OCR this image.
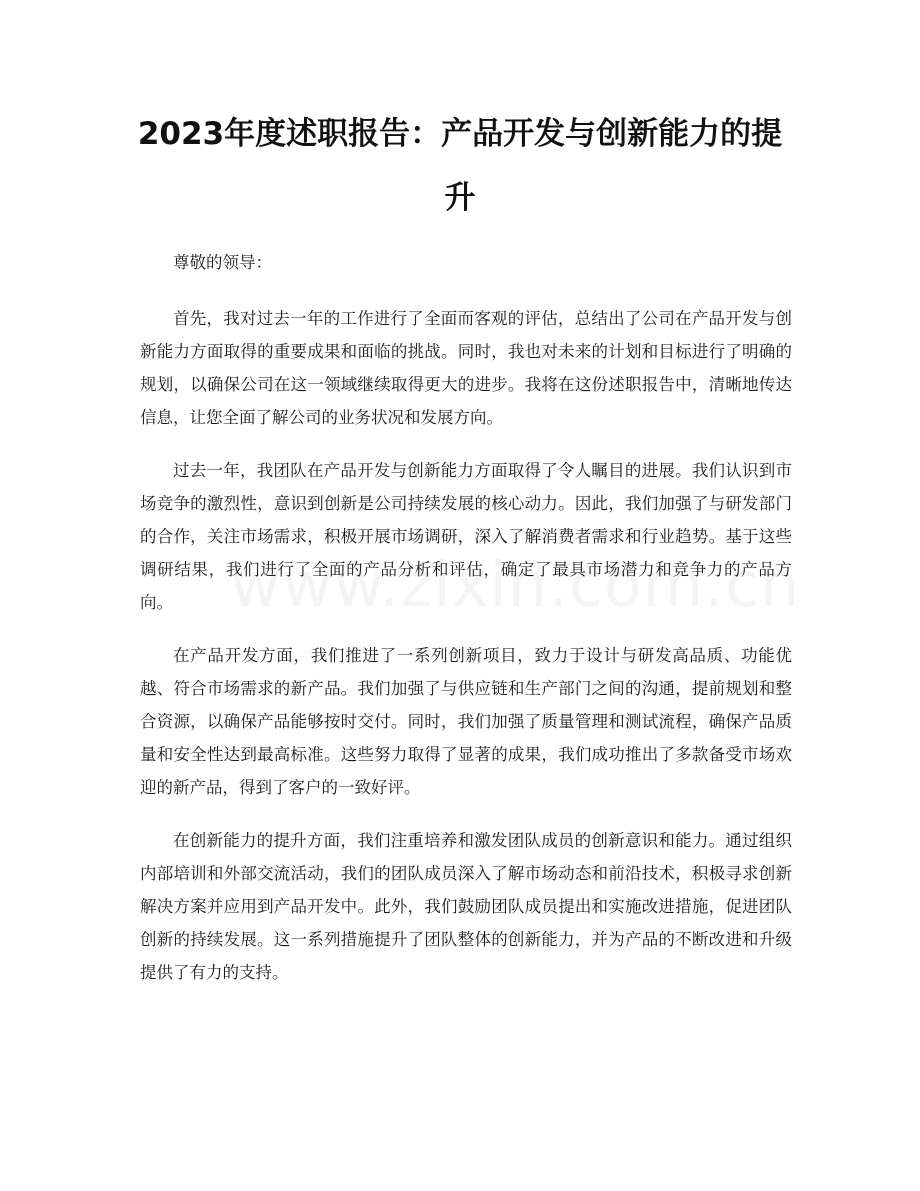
2023年度述职报告：产品开发与创新能力的提升

尊敬的领导：

首先，我对过去一年的工作进行了全面而客观的评估，总结出了公司在产品开发与创新能力方面取得的重要成果和面临的挑战。同时，我也对未来的计划和目标进行了明确的规划，以确保公司在这一领域继续取得更大的进步。我将在这份述职报告中，清晰地传达信息，让您全面了解公司的业务状况和发展方向。

过去一年，我团队在产品开发与创新能力方面取得了令人瞩目的进展。我们认识到市场竞争的激烈性，意识到创新是公司持续发展的核心动力。因此，我们加强了与研发部门的合作，关注市场需求，积极开展市场调研，深入了解消费者需求和行业趋势。基于这些调研结果，我们进行了全面的产品分析和评估，确定了最具市场潜力和竞争力的产品方向。

在产品开发方面，我们推进了一系列创新项目，致力于设计与研发高品质、功能优越、符合市场需求的新产品。我们加强了与供应链和生产部门之间的沟通，提前规划和整合资源，以确保产品能够按时交付。同时，我们加强了质量管理和测试流程，确保产品质量和安全性达到最高标准。这些努力取得了显著的成果，我们成功推出了多款备受市场欢迎的新产品，得到了客户的一致好评。

在创新能力的提升方面，我们注重培养和激发团队成员的创新意识和能力。通过组织内部培训和外部交流活动，我们的团队成员深入了解市场动态和前沿技术，积极寻求创新解决方案并应用到产品开发中。此外，我们鼓励团队成员提出和实施改进措施，促进团队创新的持续发展。这一系列措施提升了团队整体的创新能力，并为产品的不断改进和升级提供了有力的支持。
